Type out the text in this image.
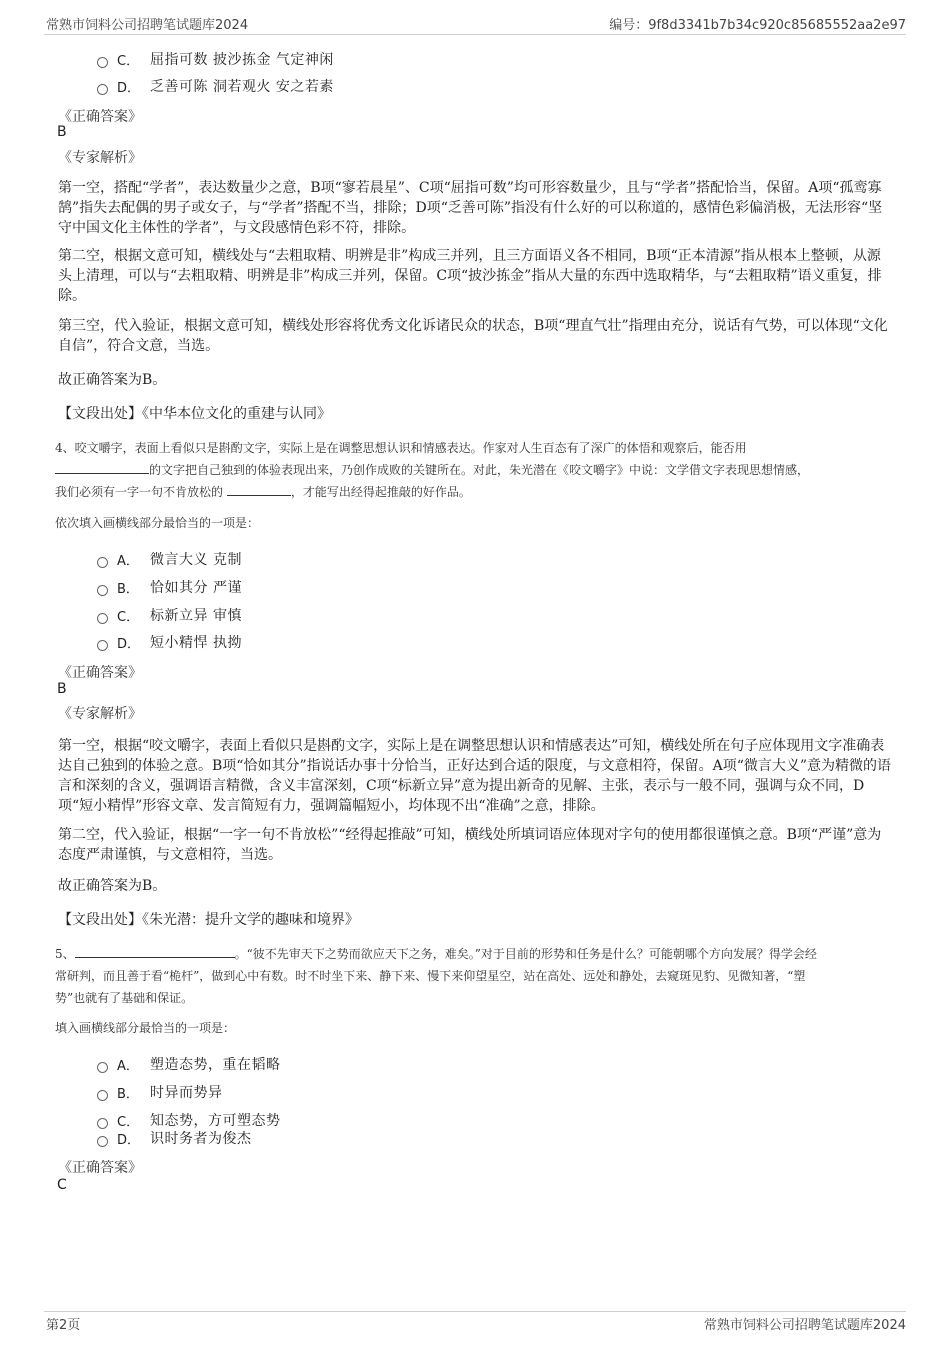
常熟市饲料公司招聘笔试题库2024	编号：9f8d3341b7b34c920c85685552aa2e97
C． 屈指可数 披沙拣金 气定神闲
D． 乏善可陈 洞若观火 安之若素
《正确答案》
B
《专家解析》
第一空，搭配“学者”，表达数量少之意，B项“寥若晨星”、C项“屈指可数”均可形容数量少，且与“学者”搭配恰当，保留。A项“孤鸾寡鹄”指失去配偶的男子或女子，与“学者”搭配不当，排除；D项“乏善可陈”指没有什么好的可以称道的，感情色彩偏消极，无法形容“坚守中国文化主体性的学者”，与文段感情色彩不符，排除。
第二空，根据文意可知，横线处与“去粗取精、明辨是非”构成三并列，且三方面语义各不相同，B项“正本清源”指从根本上整顿，从源头上清理，可以与“去粗取精、明辨是非”构成三并列，保留。C项“披沙拣金”指从大量的东西中选取精华，与“去粗取精”语义重复，排除。
第三空，代入验证，根据文意可知，横线处形容将优秀文化诉诸民众的状态，B项“理直气壮”指理由充分，说话有气势，可以体现“文化自信”，符合文意，当选。
故正确答案为B。
【文段出处】《中华本位文化的重建与认同》
4、咬文嚼字，表面上看似只是斟酌文字，实际上是在调整思想认识和情感表达。作家对人生百态有了深广的体悟和观察后，能否用
的文字把自己独到的体验表现出来，乃创作成败的关键所在。对此，朱光潜在《咬文嚼字》中说：文学借文字表现思想情感，
我们必须有一字一句不肯放松的	，才能写出经得起推敲的好作品。
依次填入画横线部分最恰当的一项是：
A． 微言大义 克制
B． 恰如其分 严谨
C． 标新立异 审慎
D． 短小精悍 执拗
《正确答案》
B
《专家解析》
第一空，根据“咬文嚼字，表面上看似只是斟酌文字，实际上是在调整思想认识和情感表达”可知，横线处所在句子应体现用文字准确表达自己独到的体验之意。B项“恰如其分”指说话办事十分恰当，正好达到合适的限度，与文意相符，保留。A项“微言大义”意为精微的语言和深刻的含义，强调语言精微，含义丰富深刻，C项“标新立异”意为提出新奇的见解、主张，表示与一般不同，强调与众不同，D项“短小精悍”形容文章、发言简短有力，强调篇幅短小，均体现不出“准确”之意，排除。
第二空，代入验证，根据“一字一句不肯放松”“经得起推敲”可知，横线处所填词语应体现对字句的使用都很谨慎之意。B项“严谨”意为态度严肃谨慎，与文意相符，当选。
故正确答案为B。
【文段出处】《朱光潜：提升文学的趣味和境界》
5、	。“彼不先审天下之势而欲应天下之务，难矣。”对于目前的形势和任务是什么？可能朝哪个方向发展？得学会经
常研判，而且善于看“桅杆”，做到心中有数。时不时坐下来、静下来、慢下来仰望星空，站在高处、远处和静处，去窥斑见豹、见微知著，“塑
势”也就有了基础和保证。
填入画横线部分最恰当的一项是：
A． 塑造态势，重在韬略
B． 时异而势异
C． 知态势，方可塑态势
D． 识时务者为俊杰
《正确答案》
C
第2页	常熟市饲料公司招聘笔试题库2024
